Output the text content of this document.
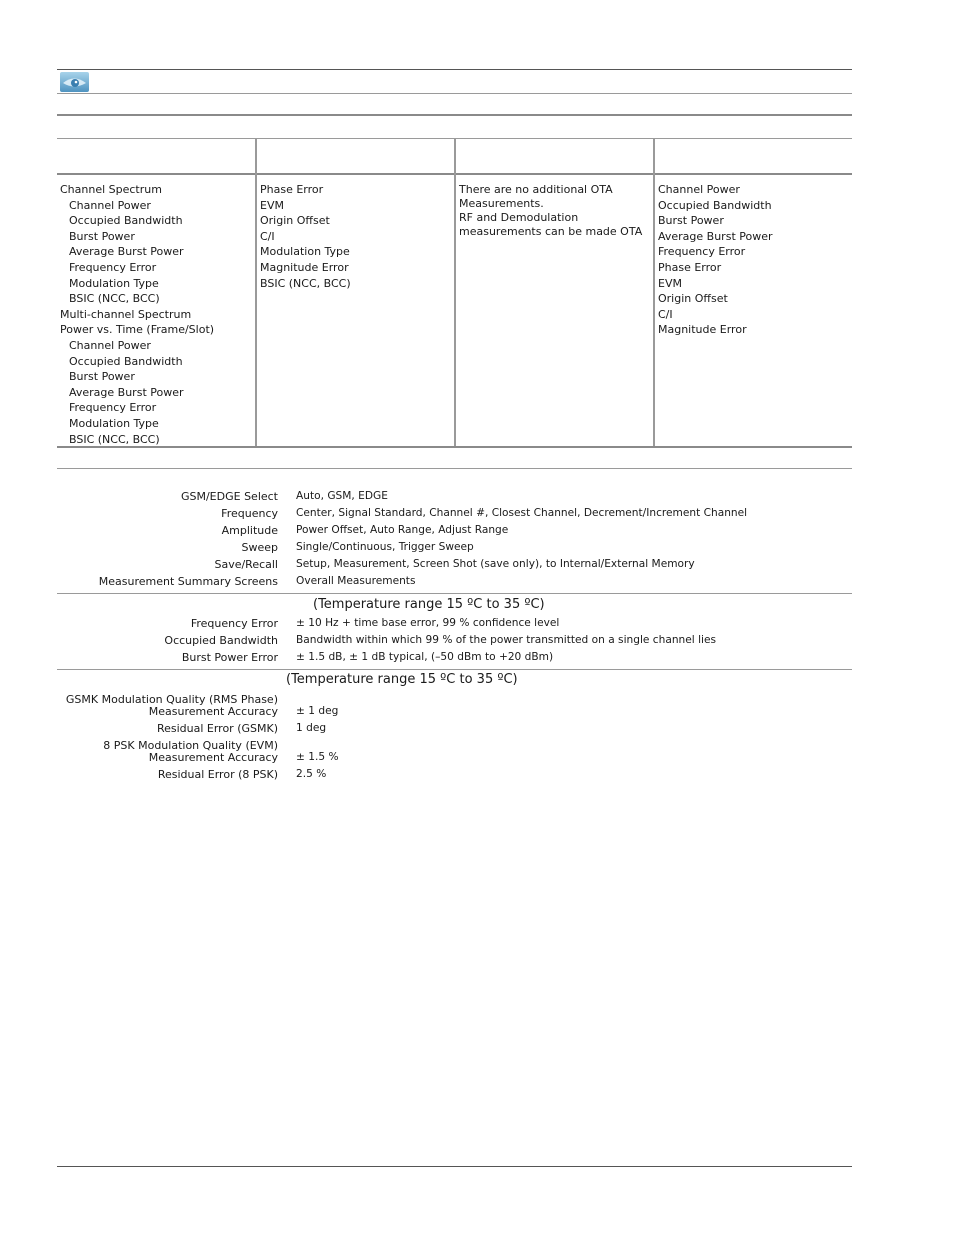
Channel Spectrum
Channel Power
Occupied Bandwidth
Burst Power
Average Burst Power
Frequency Error
Modulation Type
BSIC (NCC, BCC)
Multi-channel Spectrum
Power vs. Time (Frame/Slot)
Channel Power
Occupied Bandwidth
Burst Power
Average Burst Power
Frequency Error
Modulation Type
BSIC (NCC, BCC)
Phase Error
EVM
Origin Offset
C/I
Modulation Type
Magnitude Error
BSIC (NCC, BCC)
There are no additional OTA Measurements.
RF and Demodulation measurements can be made OTA
Channel Power
Occupied Bandwidth
Burst Power
Average Burst Power
Frequency Error
Phase Error
EVM
Origin Offset
C/I
Magnitude Error
GSM/EDGE Select Auto, GSM, EDGE
Frequency Center, Signal Standard, Channel #, Closest Channel, Decrement/Increment Channel
Amplitude Power Offset, Auto Range, Adjust Range
Sweep Single/Continuous, Trigger Sweep
Save/Recall Setup, Measurement, Screen Shot (save only), to Internal/External Memory
Measurement Summary Screens Overall Measurements
(Temperature range 15 ºC to 35 ºC)
Frequency Error ± 10 Hz + time base error, 99 % confidence level
Occupied Bandwidth Bandwidth within which 99 % of the power transmitted on a single channel lies
Burst Power Error ± 1.5 dB, ± 1 dB typical, (–50 dBm to +20 dBm)
(Temperature range 15 ºC to 35 ºC)
GSMK Modulation Quality (RMS Phase)
Measurement Accuracy ± 1 deg
Residual Error (GSMK) 1 deg
8 PSK Modulation Quality (EVM)
Measurement Accuracy ± 1.5 %
Residual Error (8 PSK) 2.5 %
